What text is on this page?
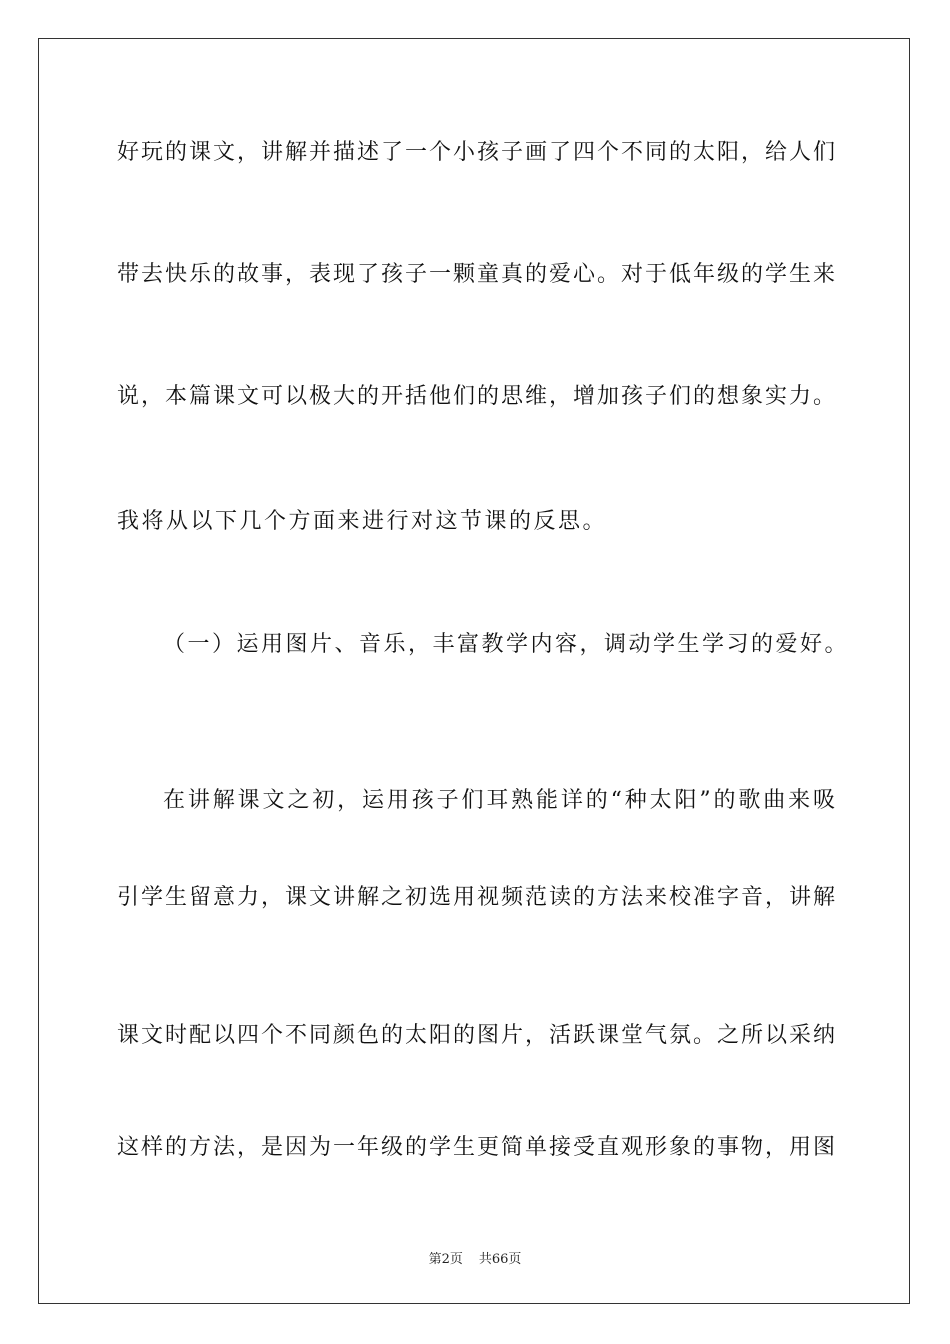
好玩的课文，讲解并描述了一个小孩子画了四个不同的太阳，给人们
带去快乐的故事，表现了孩子一颗童真的爱心。对于低年级的学生来
说，本篇课文可以极大的开括他们的思维，增加孩子们的想象实力。
我将从以下几个方面来进行对这节课的反思。
（一）运用图片、音乐，丰富教学内容，调动学生学习的爱好。
在讲解课文之初，运用孩子们耳熟能详的“种太阳”的歌曲来吸
引学生留意力，课文讲解之初选用视频范读的方法来校准字音，讲解
课文时配以四个不同颜色的太阳的图片，活跃课堂气氛。之所以采纳
这样的方法，是因为一年级的学生更简单接受直观形象的事物，用图
第2页 共66页
